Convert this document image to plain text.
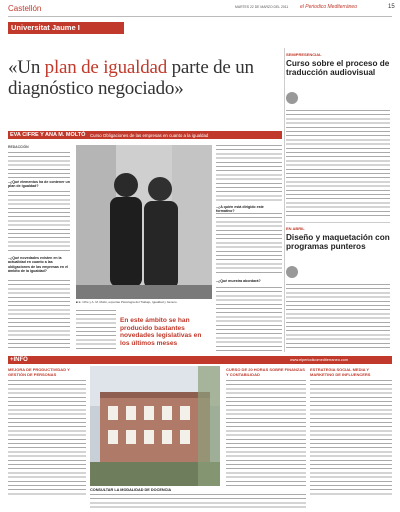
Castellón	MARTES 22 DE MARZO DEL 2011 el Periodico Mediterráneo	15
Universitat Jaume I
«Un plan de igualdad parte de un diagnóstico negociado»
EVA CIFRE Y ANA M. MOLTÓ Curso Obligaciones de las empresas en cuanto a la igualdad
REDACCIÓN
–¿Qué elementos ha de contener un plan de igualdad?
–¿Qué novedades existen en la actualidad en cuanto a las obligaciones de las empresas en el ámbito de la igualdad?
■ E. Cifre y A. M. Moltó, expertas Psicología del Trabajo, Igualdad y Género.
En este ámbito se han producido bastantes novedades legislativas en los últimos meses
–¿A quién está dirigido este formativo?
–¿Qué muestra abordará?
SEMIPRESENCIAL
Curso sobre el proceso de traducción audiovisual
EN ABRIL
Diseño y maquetación con programas punteros
+INFO	www.elperiodicomediterraneo.com
MEJORA DE PRODUCTIVIDAD Y GESTIÓN DE PERSONAS
CONSULTAR LA MODALIDAD DE DOCENCIA
CURSO DE 20 HORAS SOBRE FINANZAS Y CONTABILIDAD
ESTRATEGIA SOCIAL MEDIA Y MARKETING DE INFLUENCERS
